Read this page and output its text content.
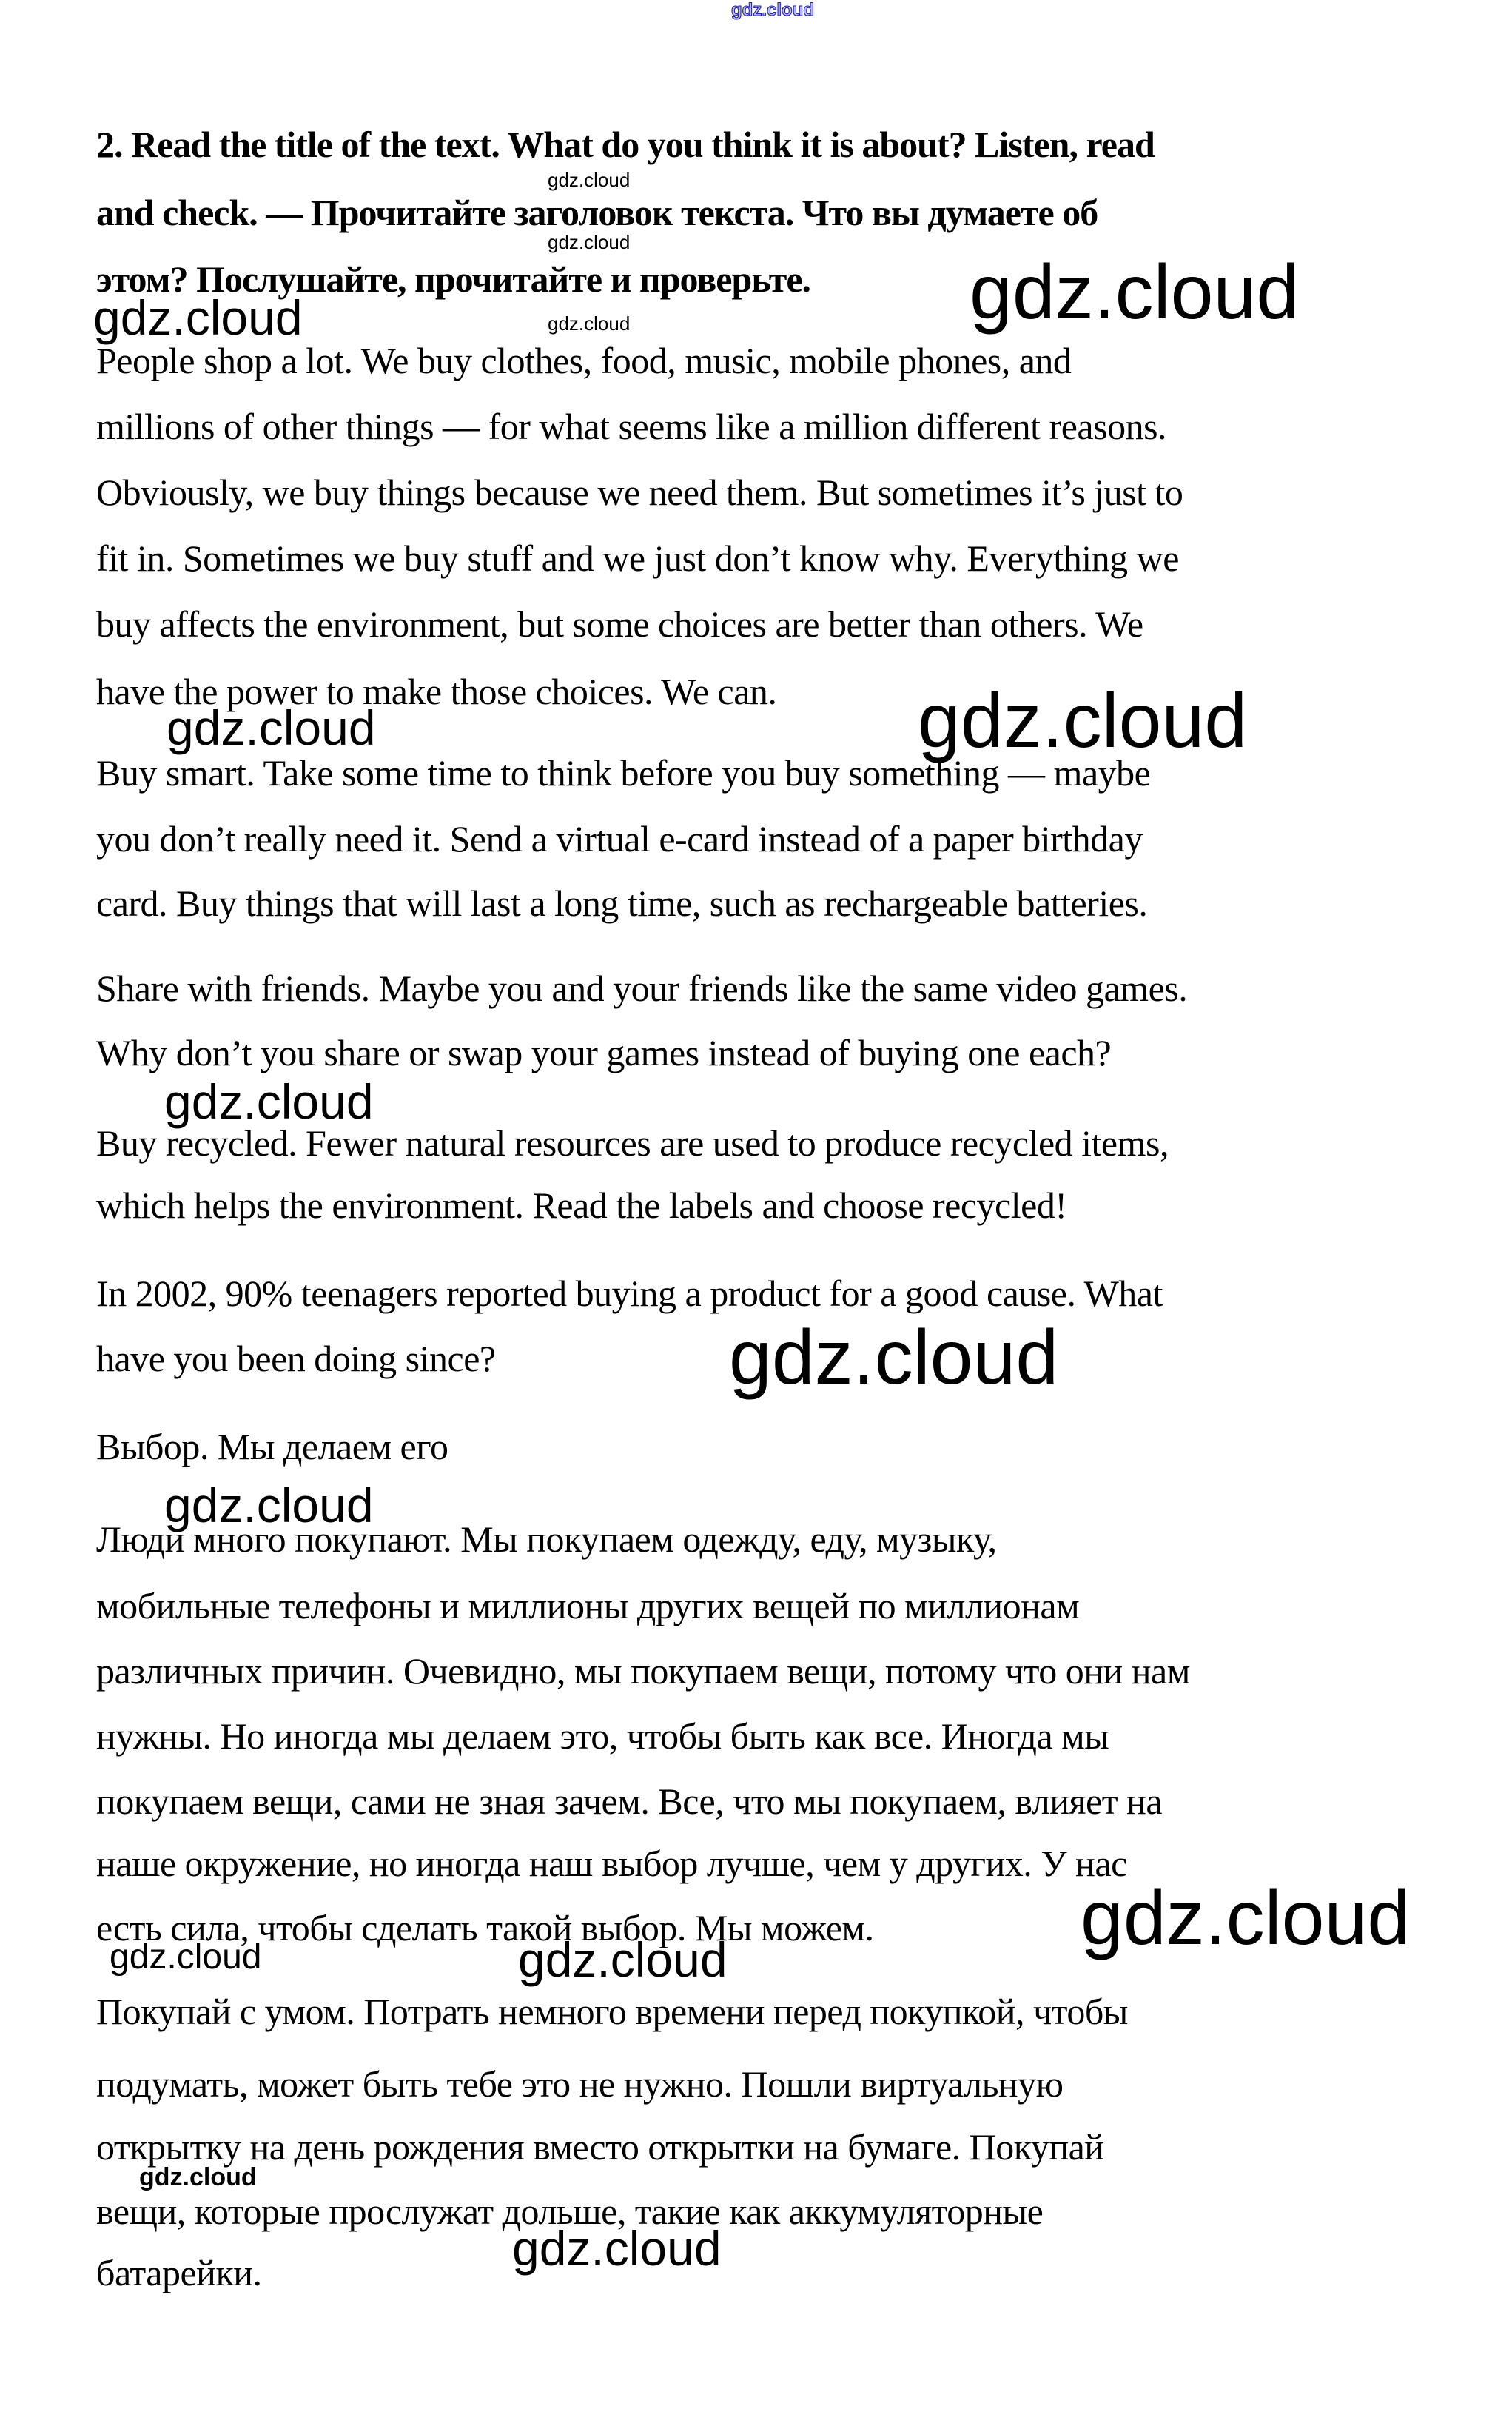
gdz.cloud
gdz.cloud
gdz.cloud
gdz.cloud
gdz.cloud	gdz.cloud
gdz.cloud
gdz.cloud
gdz.cloud
gdz.cloud
gdz.cloud
gdz.cloud
gdz.cloud	gdz.cloud
gdz.cloud
gdz.cloud
2. Read the title of the text. What do you think it is about? Listen, read
and check. — Прочитайте заголовок текста. Что вы думаете об
этом? Послушайте, прочитайте и проверьте.
People shop a lot. We buy clothes, food, music, mobile phones, and
millions of other things — for what seems like a million different reasons.
Obviously, we buy things because we need them. But sometimes it’s just to
fit in. Sometimes we buy stuff and we just don’t know why. Everything we
buy affects the environment, but some choices are better than others. We
have the power to make those choices. We can.
Buy smart. Take some time to think before you buy something — maybe
you don’t really need it. Send a virtual e-card instead of a paper birthday
card. Buy things that will last a long time, such as rechargeable batteries.
Share with friends. Maybe you and your friends like the same video games.
Why don’t you share or swap your games instead of buying one each?
Buy recycled. Fewer natural resources are used to produce recycled items,
which helps the environment. Read the labels and choose recycled!
In 2002, 90% teenagers reported buying a product for a good cause. What
have you been doing since?
Выбор. Мы делаем его
Люди много покупают. Мы покупаем одежду, еду, музыку,
мобильные телефоны и миллионы других вещей по миллионам
различных причин. Очевидно, мы покупаем вещи, потому что они нам
нужны. Но иногда мы делаем это, чтобы быть как все. Иногда мы
покупаем вещи, сами не зная зачем. Все, что мы покупаем, влияет на
наше окружение, но иногда наш выбор лучше, чем у других. У нас
есть сила, чтобы сделать такой выбор. Мы можем.
Покупай с умом. Потрать немного времени перед покупкой, чтобы
подумать, может быть тебе это не нужно. Пошли виртуальную
открытку на день рождения вместо открытки на бумаге. Покупай
вещи, которые прослужат дольше, такие как аккумуляторные
батарейки.
